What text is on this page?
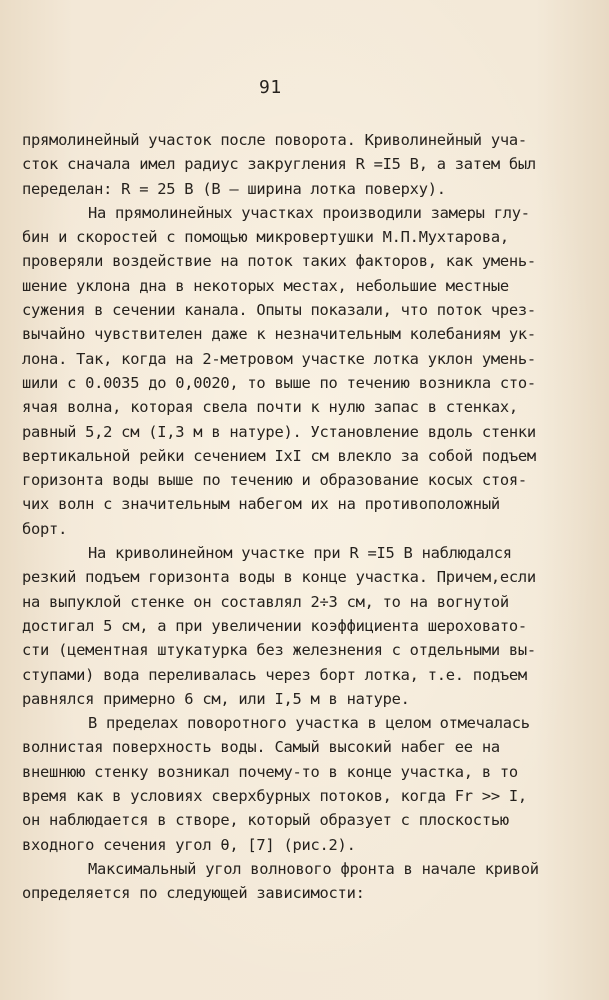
91
прямолинейный участок после поворота. Криволинейный уча-
сток сначала имел радиус закругления R =I5 В, а затем был
переделан: R = 25 В (В – ширина лотка поверху).
На прямолинейных участках производили замеры глу-
бин и скоростей с помощью микровертушки М.П.Мухтарова,
проверяли воздействие на поток таких факторов, как умень-
шение уклона дна в некоторых местах, небольшие местные
сужения в сечении канала. Опыты показали, что поток чрез-
вычайно чувствителен даже к незначительным колебаниям ук-
лона. Так, когда на 2-метровом участке лотка уклон умень-
шили с 0.0035 до 0,0020, то выше по течению возникла сто-
ячая волна, которая свела почти к нулю запас в стенках,
равный 5,2 см (I,3 м в натуре). Установление вдоль стенки
вертикальной рейки сечением IxI см влекло за собой подъем
горизонта воды выше по течению и образование косых стоя-
чих волн с значительным набегом их на противоположный
борт.
На криволинейном участке при R =I5 В наблюдался
резкий подъем горизонта воды в конце участка. Причем,если
на выпуклой стенке он составлял 2÷3 см, то на вогнутой
достигал 5 см, а при увеличении коэффициента шероховато-
сти (цементная штукатурка без железнения с отдельными вы-
ступами) вода переливалась через борт лотка, т.е. подъем
равнялся примерно 6 см, или I,5 м в натуре.
В пределах поворотного участка в целом отмечалась
волнистая поверхность воды. Самый высокий набег ее на
внешнюю стенку возникал почему-то в конце участка, в то
время как в условиях сверхбурных потоков, когда Fr >> I,
он наблюдается в створе, который образует с плоскостью
входного сечения угол θ, [7] (рис.2).
Максимальный угол волнового фронта в начале кривой
определяется по следующей зависимости:
